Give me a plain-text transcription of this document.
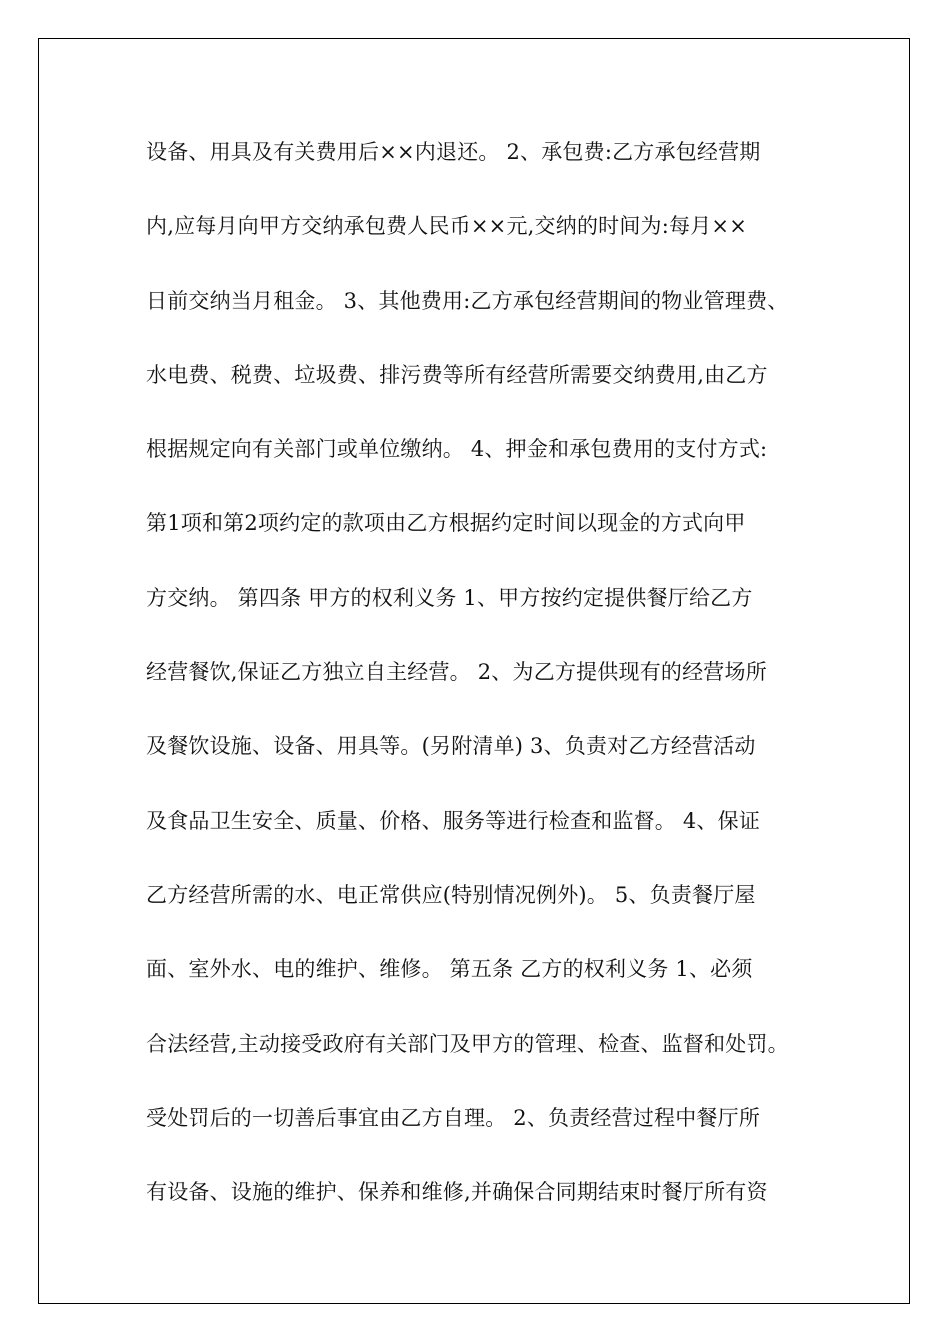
设备、用具及有关费用后××内退还。 2、承包费:乙方承包经营期
内,应每月向甲方交纳承包费人民币××元,交纳的时间为:每月××
日前交纳当月租金。 3、其他费用:乙方承包经营期间的物业管理费、
水电费、税费、垃圾费、排污费等所有经营所需要交纳费用,由乙方
根据规定向有关部门或单位缴纳。 4、押金和承包费用的支付方式:
第1项和第2项约定的款项由乙方根据约定时间以现金的方式向甲
方交纳。 第四条 甲方的权利义务 1、甲方按约定提供餐厅给乙方
经营餐饮,保证乙方独立自主经营。 2、为乙方提供现有的经营场所
及餐饮设施、设备、用具等。(另附清单) 3、负责对乙方经营活动
及食品卫生安全、质量、价格、服务等进行检查和监督。 4、保证
乙方经营所需的水、电正常供应(特别情况例外)。 5、负责餐厅屋
面、室外水、电的维护、维修。 第五条 乙方的权利义务 1、必须
合法经营,主动接受政府有关部门及甲方的管理、检查、监督和处罚。
受处罚后的一切善后事宜由乙方自理。 2、负责经营过程中餐厅所
有设备、设施的维护、保养和维修,并确保合同期结束时餐厅所有资
